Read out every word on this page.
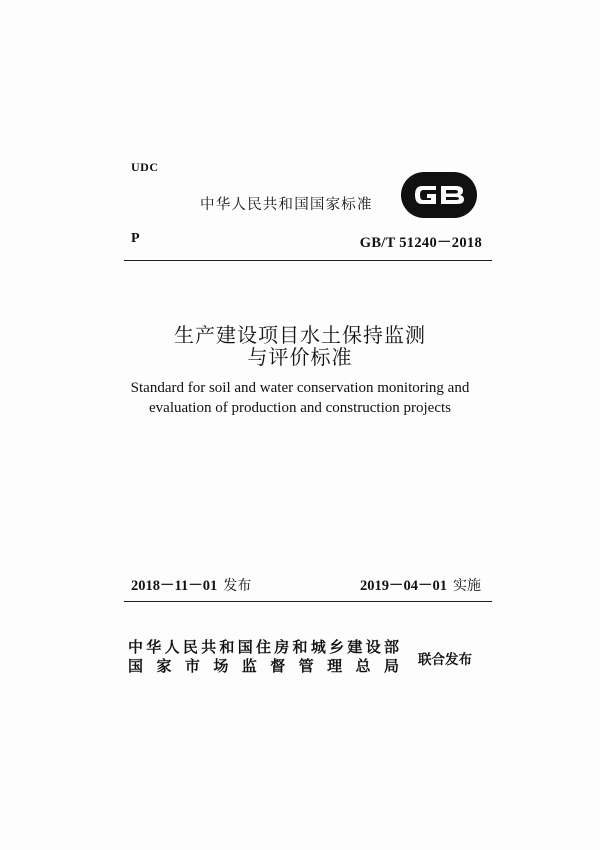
UDC
中华人民共和国国家标准
P	GB/T 51240－2018
生产建设项目水土保持监测
与评价标准
Standard for soil and water conservation monitoring and
evaluation of production and construction projects
2018－11－01 发布	2019－04－01 实施
中华人民共和国住房和城乡建设部
国家市场监督管理总局 联合发布
